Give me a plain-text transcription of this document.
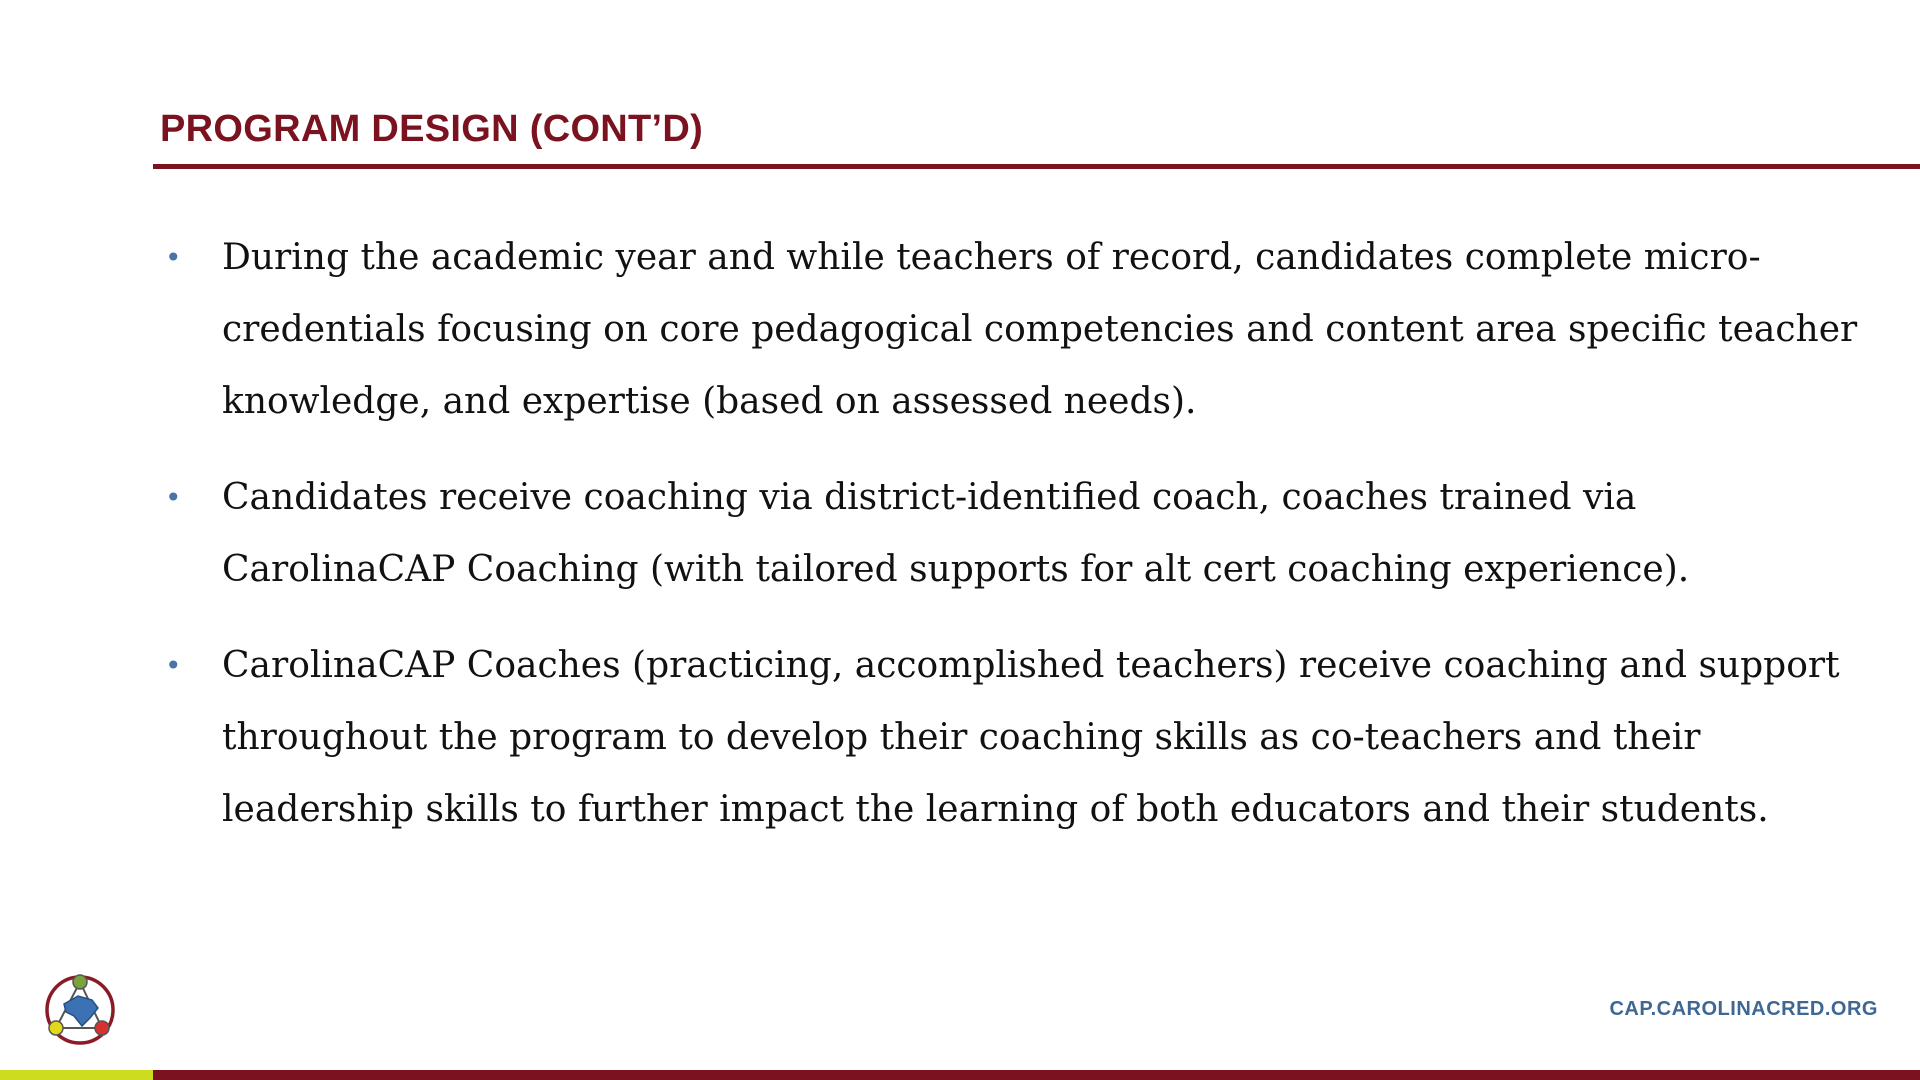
PROGRAM DESIGN (CONT’D)
• During the academic year and while teachers of record, candidates complete micro-credentials focusing on core pedagogical competencies and content area specific teacher knowledge, and expertise (based on assessed needs).
• Candidates receive coaching via district-identified coach, coaches trained via CarolinaCAP Coaching (with tailored supports for alt cert coaching experience).
• CarolinaCAP Coaches (practicing, accomplished teachers) receive coaching and support throughout the program to develop their coaching skills as co-teachers and their leadership skills to further impact the learning of both educators and their students.
CAP.CAROLINACRED.ORG
